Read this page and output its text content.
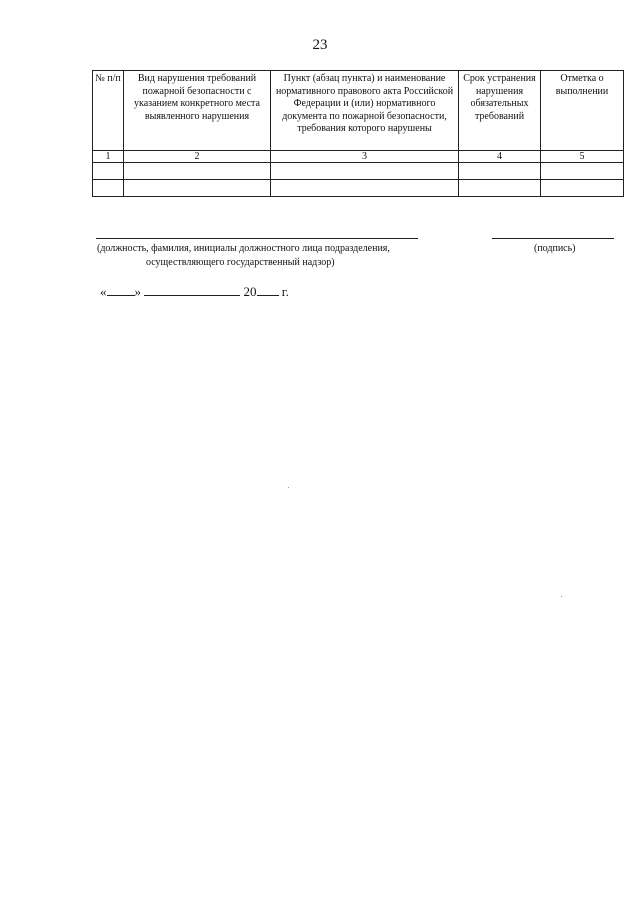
23
№ п/п	Вид нарушения требований пожарной безопасности с указанием конкретного места выявленного нарушения	Пункт (абзац пункта) и наименование нормативного правового акта Российской Федерации и (или) нормативного документа по пожарной безопасности, требования которого нарушены	Срок устранения нарушения обязательных требований	Отметка о выполнении
1	2	3	4	5

(должность, фамилия, инициалы должностного лица подразделения,
осуществляющего государственный надзор)
(подпись)
« »	20 г.
